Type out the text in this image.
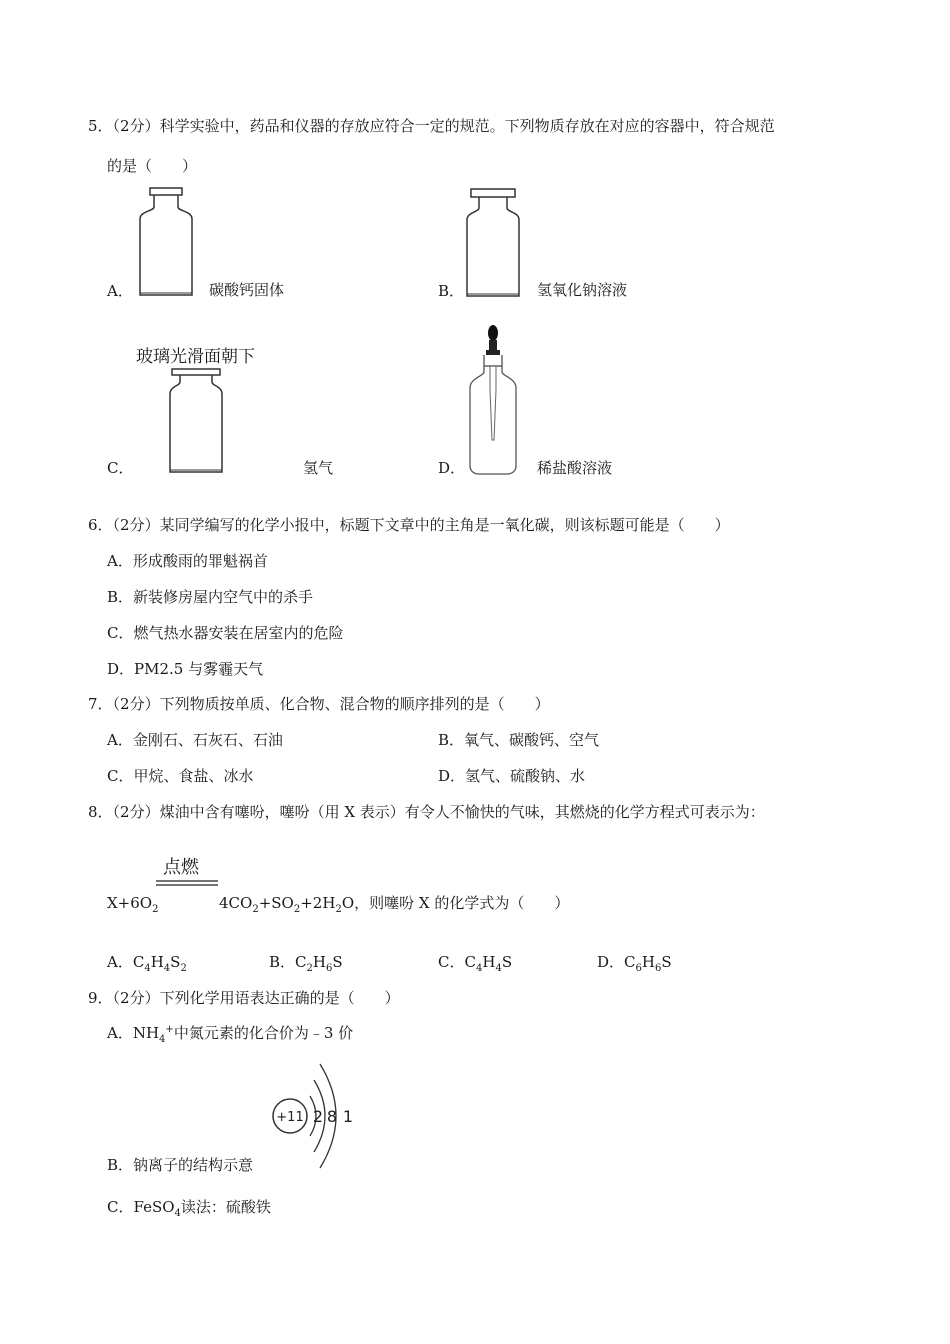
5．（2分）科学实验中，药品和仪器的存放应符合一定的规范。下列物质存放在对应的容器中，符合规范
的是（　　）
A．	碳酸钙固体	B．	氢氧化钠溶液
玻璃光滑面朝下
C．	氢气	D．	稀盐酸溶液
6．（2分）某同学编写的化学小报中，标题下文章中的主角是一氧化碳，则该标题可能是（　　）
A．形成酸雨的罪魁祸首
B．新装修房屋内空气中的杀手
C．燃气热水器安装在居室内的危险
D．PM2.5 与雾霾天气
7．（2分）下列物质按单质、化合物、混合物的顺序排列的是（　　）
A．金刚石、石灰石、石油	B．氧气、碳酸钙、空气
C．甲烷、食盐、冰水	D．氢气、硫酸钠、水
8．（2分）煤油中含有噻吩，噻吩（用 X 表示）有令人不愉快的气味，其燃烧的化学方程式可表示为：
点燃
$X+6O_2$	$4CO_2+SO_2+2H_2O$，则噻吩 X 的化学式为（　　）
A．$C_4H_4S_2$	B．$C_2H_6S$	C．$C_4H_4S$	D．$C_6H_6S$
9．（2分）下列化学用语表达正确的是（　　）
A．$NH_4^+$中氮元素的化合价为﹣3 价
+11 2 8 1
B．钠离子的结构示意
C．FeSO$_4$读法：硫酸铁
